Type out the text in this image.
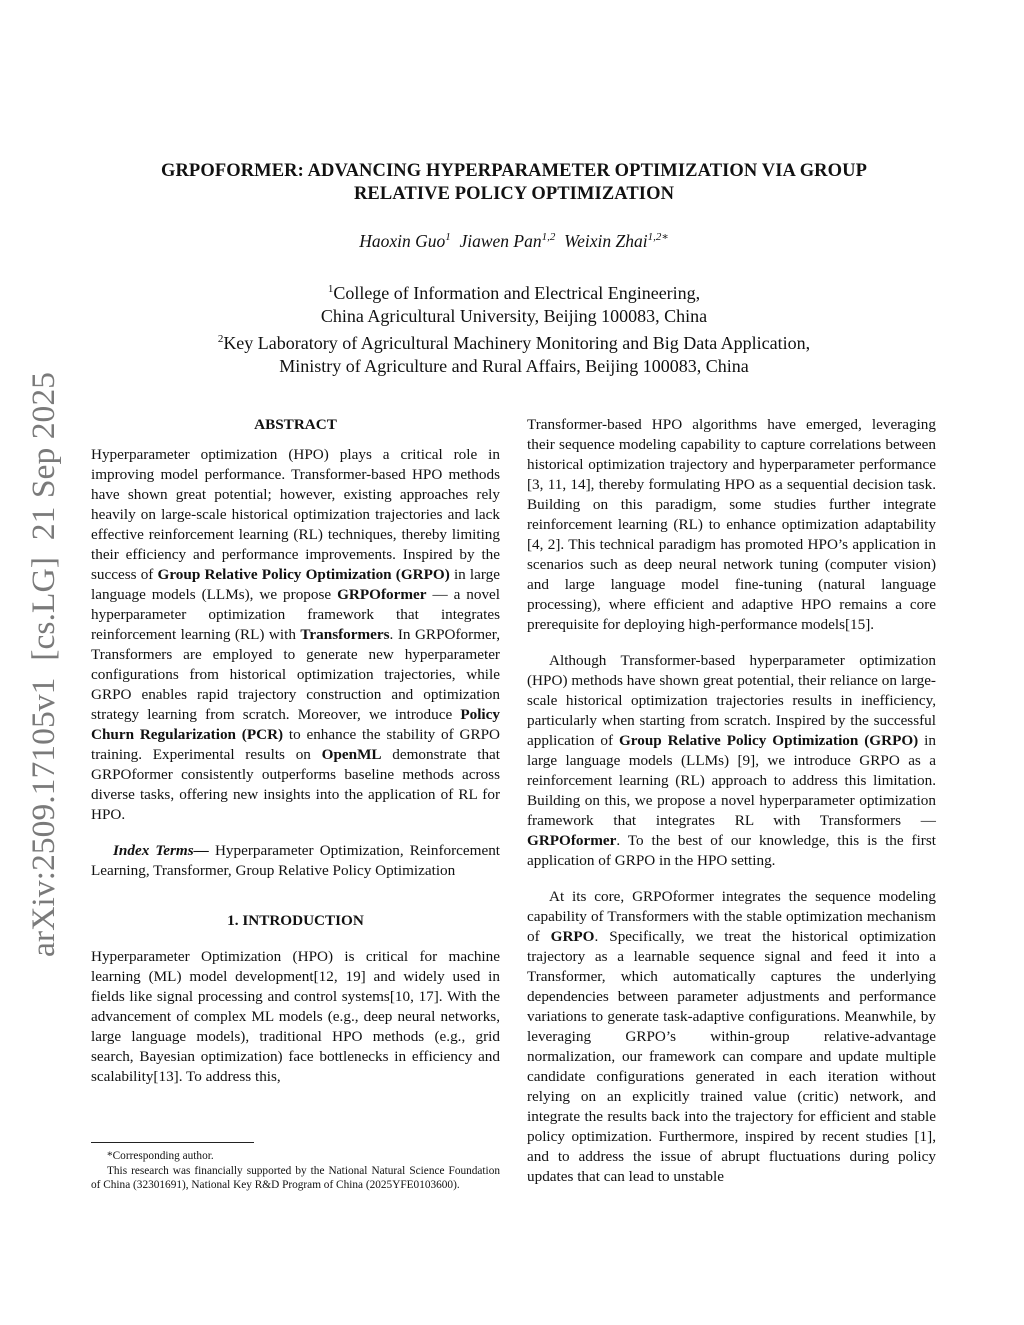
arXiv:2509.17105v1  [cs.LG]  21 Sep 2025
GRPOFORMER: ADVANCING HYPERPARAMETER OPTIMIZATION VIA GROUP
RELATIVE POLICY OPTIMIZATION
Haoxin Guo$^1$ Jiawen Pan$^{1,2}$ Weixin Zhai$^{1,2∗}$
$^1$College of Information and Electrical Engineering,
China Agricultural University, Beijing 100083, China
$^2$Key Laboratory of Agricultural Machinery Monitoring and Big Data Application,
Ministry of Agriculture and Rural Affairs, Beijing 100083, China
ABSTRACT

Hyperparameter optimization (HPO) plays a critical role in improving model performance. Transformer-based HPO methods have shown great potential; however, existing approaches rely heavily on large-scale historical optimization trajectories and lack effective reinforcement learning (RL) techniques, thereby limiting their efficiency and performance improvements. Inspired by the success of Group Relative Policy Optimization (GRPO) in large language models (LLMs), we propose GRPOformer — a novel hyperparameter optimization framework that integrates reinforcement learning (RL) with Transformers. In GRPOformer, Transformers are employed to generate new hyperparameter configurations from historical optimization trajectories, while GRPO enables rapid trajectory construction and optimization strategy learning from scratch. Moreover, we introduce Policy Churn Regularization (PCR) to enhance the stability of GRPO training. Experimental results on OpenML demonstrate that GRPOformer consistently outperforms baseline methods across diverse tasks, offering new insights into the application of RL for HPO.

Index Terms— Hyperparameter Optimization, Reinforcement Learning, Transformer, Group Relative Policy Optimization

1. INTRODUCTION

Hyperparameter Optimization (HPO) is critical for machine learning (ML) model development[12, 19] and widely used in fields like signal processing and control systems[10, 17]. With the advancement of complex ML models (e.g., deep neural networks, large language models), traditional HPO methods (e.g., grid search, Bayesian optimization) face bottlenecks in efficiency and scalability[13]. To address this,

*Corresponding author.

This research was financially supported by the National Natural Science Foundation of China (32301691), National Key R&D Program of China (2025YFE0103600).

Transformer-based HPO algorithms have emerged, leveraging their sequence modeling capability to capture correlations between historical optimization trajectory and hyperparameter performance [3, 11, 14], thereby formulating HPO as a sequential decision task. Building on this paradigm, some studies further integrate reinforcement learning (RL) to enhance optimization adaptability [4, 2]. This technical paradigm has promoted HPO’s application in scenarios such as deep neural network tuning (computer vision) and large language model fine-tuning (natural language processing), where efficient and adaptive HPO remains a core prerequisite for deploying high-performance models[15].

Although Transformer-based hyperparameter optimization (HPO) methods have shown great potential, their reliance on large-scale historical optimization trajectories results in inefficiency, particularly when starting from scratch. Inspired by the successful application of Group Relative Policy Optimization (GRPO) in large language models (LLMs) [9], we introduce GRPO as a reinforcement learning (RL) approach to address this limitation. Building on this, we propose a novel hyperparameter optimization framework that integrates RL with Transformers — GRPOformer. To the best of our knowledge, this is the first application of GRPO in the HPO setting.

At its core, GRPOformer integrates the sequence modeling capability of Transformers with the stable optimization mechanism of GRPO. Specifically, we treat the historical optimization trajectory as a learnable sequence signal and feed it into a Transformer, which automatically captures the underlying dependencies between parameter adjustments and performance variations to generate task-adaptive configurations. Meanwhile, by leveraging GRPO’s within-group relative-advantage normalization, our framework can compare and update multiple candidate configurations generated in each iteration without relying on an explicitly trained value (critic) network, and integrate the results back into the trajectory for efficient and stable policy optimization. Furthermore, inspired by recent studies [1], and to address the issue of abrupt fluctuations during policy updates that can lead to unstable
